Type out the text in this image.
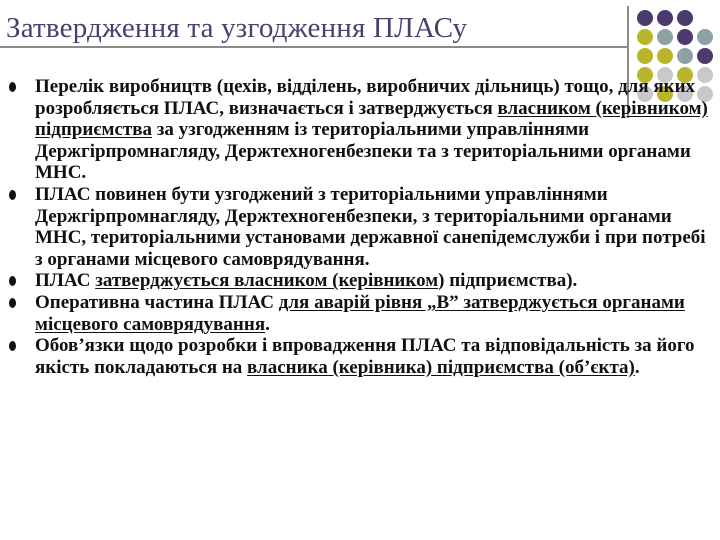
Затвердження та узгодження ПЛАСу
Перелік виробництв (цехів, відділень, виробничих дільниць) тощо, для яких розробляється ПЛАС, визначається і затверджується власником (керівником) підприємства за узгодженням із територіальними управліннями Держгірпромнагляду, Держтехногенбезпеки та з територіальними органами МНС.
ПЛАС повинен бути узгоджений з територіальними управліннями Держгірпромнагляду, Держтехногенбезпеки, з територіальними органами МНС, територіальними установами державної санепідемслужби і при потребі з органами місцевого самоврядування.
ПЛАС затверджується власником (керівником) підприємства).
Оперативна частина ПЛАС для аварій рівня „В” затверджується органами місцевого самоврядування.
Обов’язки щодо розробки і впровадження ПЛАС та відповідальність за його якість покладаються на власника (керівника) підприємства (об’єкта).
